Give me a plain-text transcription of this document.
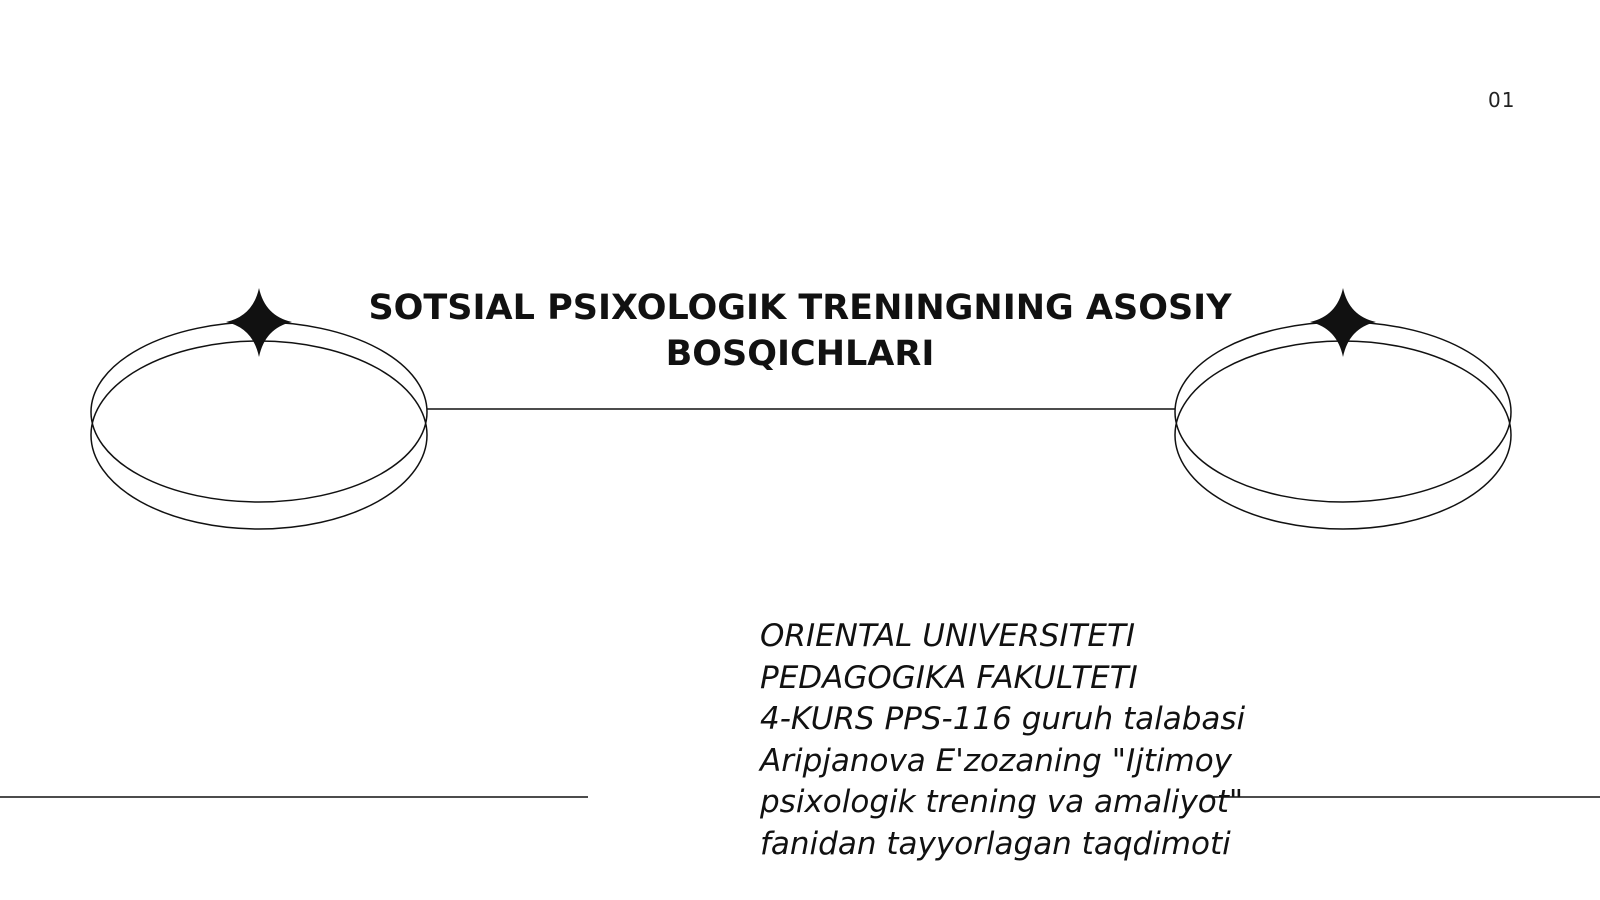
01
SOTSIAL PSIXOLOGIK TRENINGNING ASOSIY
BOSQICHLARI
ORIENTAL UNIVERSITETI
PEDAGOGIKA FAKULTETI
4-KURS PPS-116 guruh talabasi
Aripjanova E'zozaning "Ijtimoy
psixologik trening va amaliyot"
fanidan tayyorlagan taqdimoti
